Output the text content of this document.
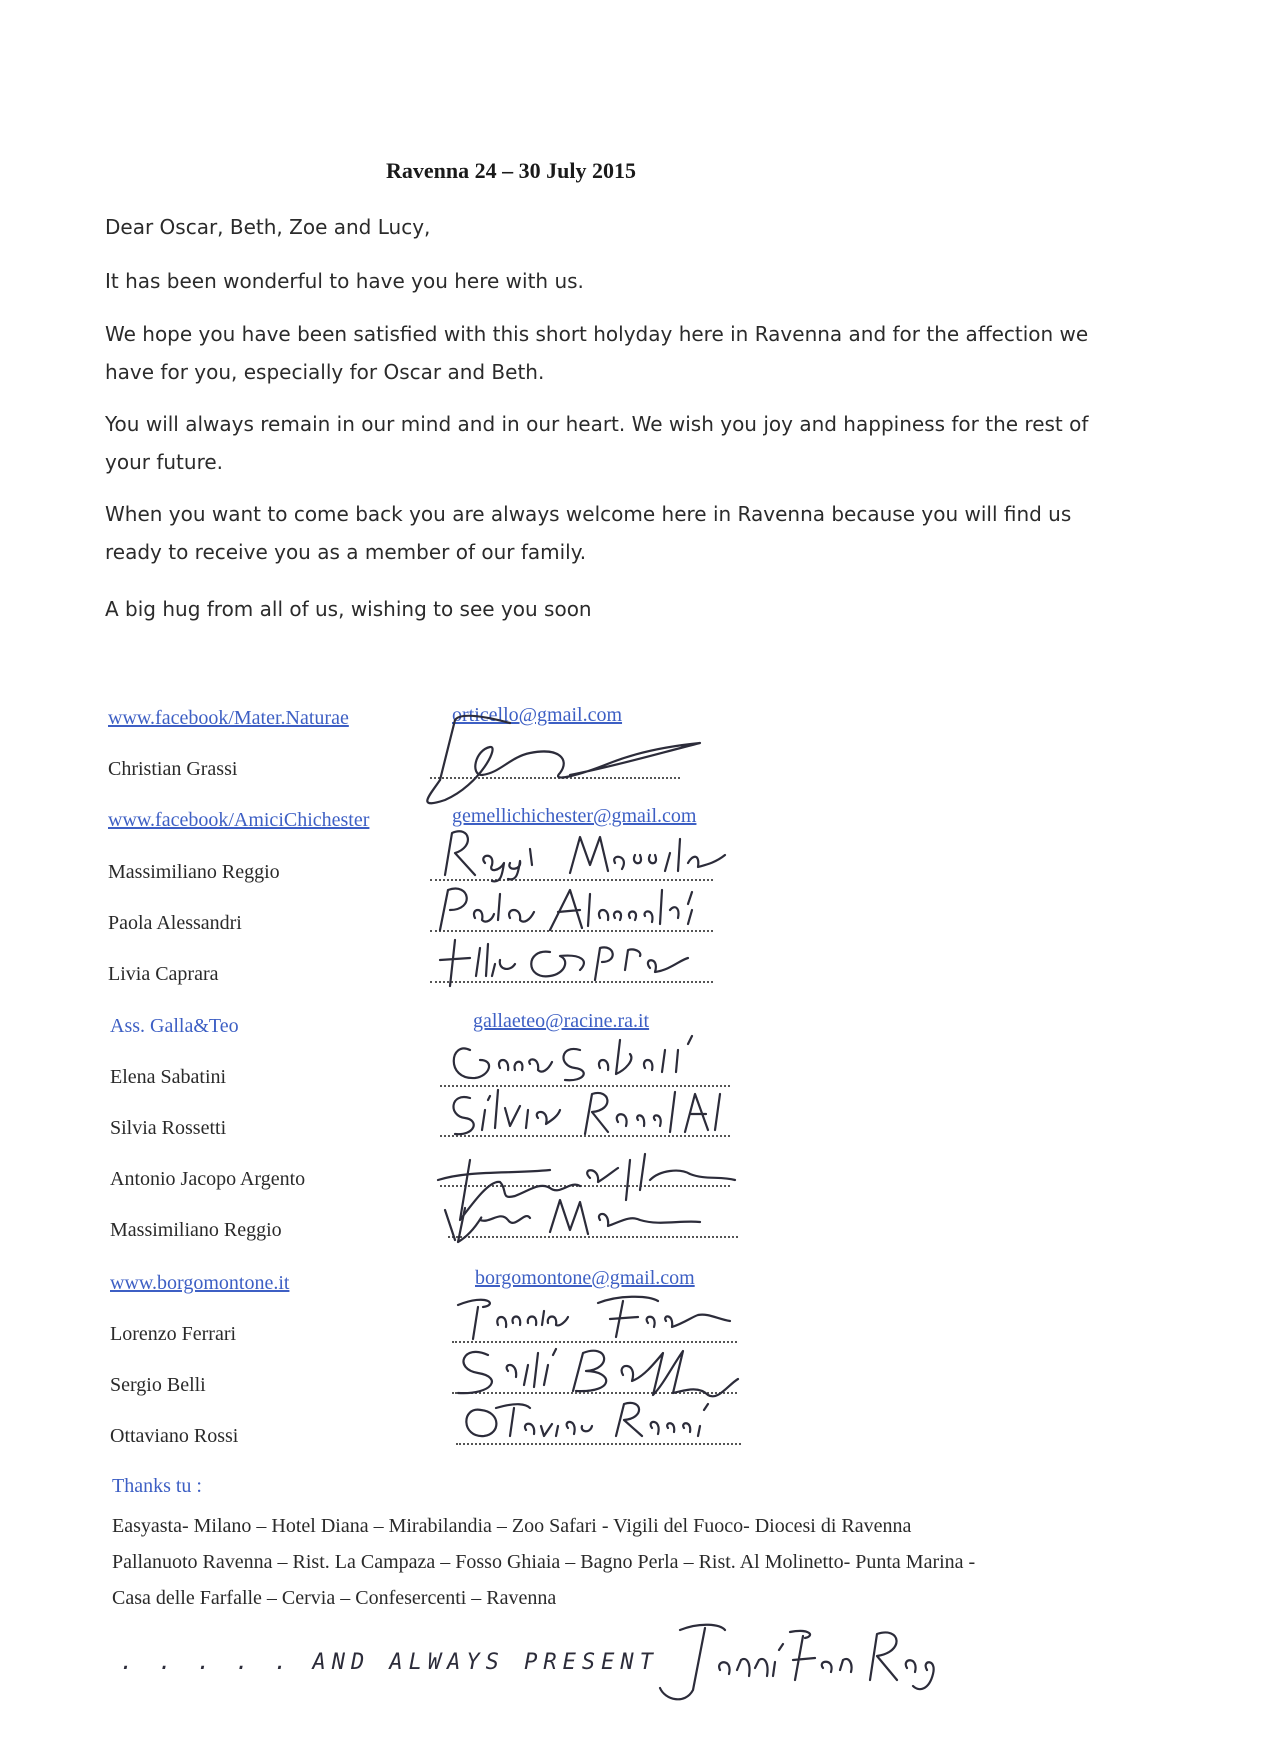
Ravenna 24 – 30 July 2015
Dear Oscar, Beth, Zoe and Lucy,
It has been wonderful to have you here with us.
We hope you have been satisfied with this short holyday here in Ravenna and for the affection we have for you, especially for Oscar and Beth.
You will always remain in our mind and in our heart. We wish you joy and happiness for the rest of your future.
When you want to come back you are always welcome here in Ravenna because you will find us ready to receive you as a member of our family.
A big hug from all of us, wishing to see you soon
www.facebook/Mater.Naturae	orticello@gmail.com
Christian Grassi
www.facebook/AmiciChichester	gemellichichester@gmail.com
Massimiliano Reggio
Paola Alessandri
Livia Caprara
Ass. Galla&Teo	gallaeteo@racine.ra.it
Elena Sabatini
Silvia Rossetti
Antonio Jacopo Argento
Massimiliano Reggio
www.borgomontone.it	borgomontone@gmail.com
Lorenzo Ferrari
Sergio Belli
Ottaviano Rossi
Thanks tu :
Easyasta- Milano – Hotel Diana – Mirabilandia – Zoo Safari - Vigili del Fuoco- Diocesi di Ravenna
Pallanuoto Ravenna – Rist. La Campaza – Fosso Ghiaia – Bagno Perla – Rist. Al Molinetto- Punta Marina -
Casa delle Farfalle – Cervia – Confesercenti – Ravenna
. . . . . AND ALWAYS PRESENT
